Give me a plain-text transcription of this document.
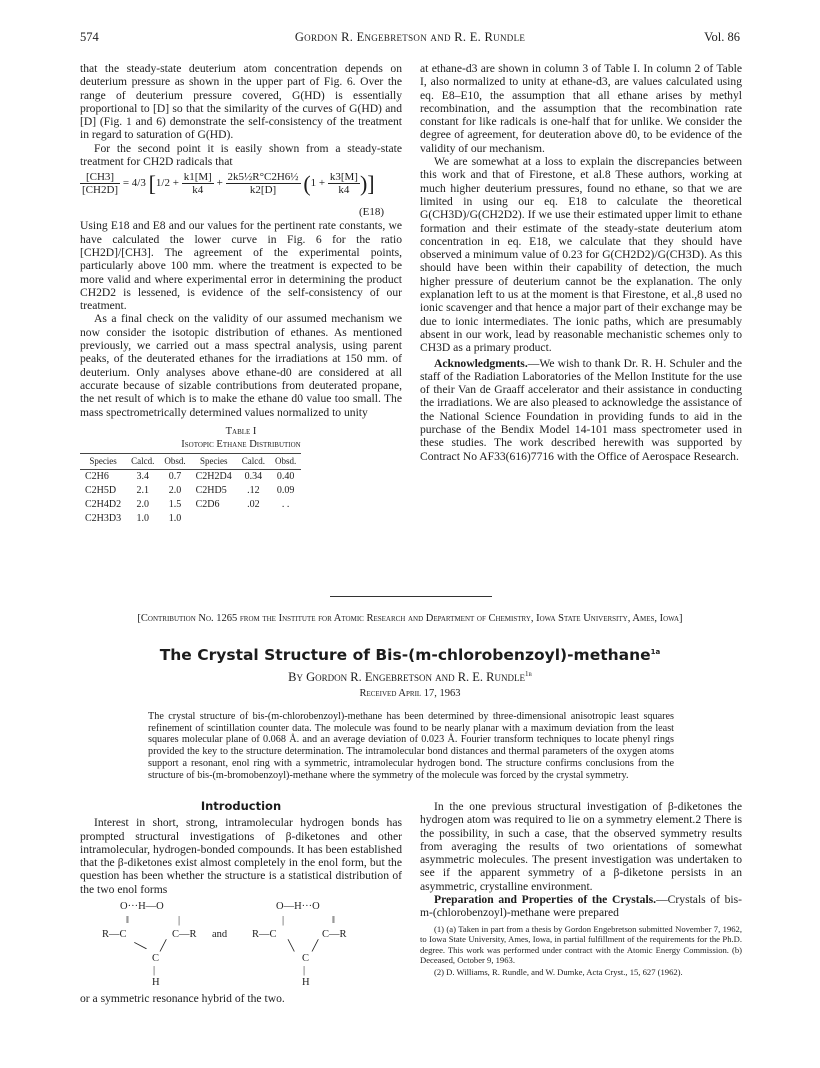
574	Gordon R. Engebretson and R. E. Rundle	Vol. 86

that the steady-state deuterium atom concentration depends on deuterium pressure as shown in the upper part of Fig. 6. Over the range of deuterium pressure covered, G(HD) is essentially proportional to [D] so that the similarity of the curves of G(HD) and [D] (Fig. 1 and 6) demonstrate the self-consistency of the treatment in regard to saturation of G(HD).

For the second point it is easily shown from a steady-state treatment for CH2D radicals that

$\frac{[CH3]}{[CH2D]} = 4/3$ [$1/2 + \frac{k1[M]}{k4} + \frac{\text{2k5½R°C2H6½}}{k2[D]} (1 + \frac{k3[M]}{k4}$ )]
(E18)

Using E18 and E8 and our values for the pertinent rate constants, we have calculated the lower curve in Fig. 6 for the ratio [CH2D]/[CH3]. The agreement of the experimental points, particularly above 100 mm. where the treatment is expected to be more valid and where experimental error in determining the product CH2D2 is lessened, is evidence of the self-consistency of our treatment.

As a final check on the validity of our assumed mechanism we now consider the isotopic distribution of ethanes. As mentioned previously, we carried out a mass spectral analysis, using parent peaks, of the deuterated ethanes for the irradiations at 150 mm. of deuterium. Only analyses above ethane-d0 are considered at all accurate because of sizable contributions from deuterated propane, the net result of which is to make the ethane d0 value too small. The mass spectrometrically determined values normalized to unity

Table I
Isotopic Ethane Distribution
Species	Calcd.	Obsd.	Species	Calcd.	Obsd.
C2H6	3.4	0.7	C2H2D4	0.34	0.40
C2H5D	2.1	2.0	C2HD5	.12	0.09
C2H4D2	2.0	1.5	C2D6	.02	. .
C2H3D3	1.0	1.0			

at ethane-d3 are shown in column 3 of Table I. In column 2 of Table I, also normalized to unity at ethane-d3, are values calculated using eq. E8–E10, the assumption that all ethane arises by methyl recombination, and the assumption that the recombination rate constant for like radicals is one-half that for unlike. We consider the degree of agreement, for deuteration above d0, to be evidence of the validity of our mechanism.

We are somewhat at a loss to explain the discrepancies between this work and that of Firestone, et al.8 These authors, working at much higher deuterium pressures, found no ethane, so that we are limited in using our eq. E18 to calculate the theoretical G(CH3D)/G(CH2D2). If we use their estimated upper limit to ethane formation and their estimate of the steady-state deuterium atom concentration in eq. E18, we calculate that they should have observed a minimum value of 0.23 for G(CH2D2)/G(CH3D). As this should have been within their capability of detection, the much higher pressure of deuterium cannot be the explanation. The only explanation left to us at the moment is that Firestone, et al.,8 used no ionic scavenger and that hence a major part of their exchange may be due to ionic intermediates. The ionic paths, which are presumably absent in our work, lead by reasonable mechanistic schemes only to CH3D as a primary product.

Acknowledgments.—We wish to thank Dr. R. H. Schuler and the staff of the Radiation Laboratories of the Mellon Institute for the use of their Van de Graaff accelerator and their assistance in conducting the irradiations. We are also pleased to acknowledge the assistance of the National Science Foundation in providing funds to aid in the purchase of the Bendix Model 14-101 mass spectrometer used in these studies. The work described herewith was supported by Contract No AF33(616)7716 with the Office of Aerospace Research.

[Contribution No. 1265 from the Institute for Atomic Research and Department of Chemistry, Iowa State University, Ames, Iowa]
The Crystal Structure of Bis-(m-chlorobenzoyl)-methane$^{1a}$
By Gordon R. Engebretson and R. E. Rundle$^{1b}$
Received April 17, 1963
The crystal structure of bis-(m-chlorobenzoyl)-methane has been determined by three-dimensional anisotropic least squares refinement of scintillation counter data. The molecule was found to be nearly planar with a maximum deviation from the least squares molecular plane of 0.068 Å. and an average deviation of 0.023 Å. Fourier transform techniques to locate phenyl rings provided the key to the structure determination. The intramolecular bond distances and thermal parameters of the oxygen atoms support a resonant, enol ring with a symmetric, intramolecular hydrogen bond. The structure confirms conclusions from the structure of bis-(m-bromobenzoyl)-methane where the symmetry of the molecule was forced by the crystal symmetry.
Introduction

Interest in short, strong, intramolecular hydrogen bonds has prompted structural investigations of β-diketones and other intramolecular, hydrogen-bonded compounds. It has been established that the β-diketones exist almost completely in the enol form, but the question has been whether the structure is a statistical distribution of the two enol forms

O···H—O
‖	|
R—C	C—R
╲ ╱
C
|
H
and
O—H···O
|	‖
R—C	C—R
╲ ╱
C
|
H

or a symmetric resonance hybrid of the two.

In the one previous structural investigation of β-diketones the hydrogen atom was required to lie on a symmetry element.2 There is the possibility, in such a case, that the observed symmetry results from averaging the results of two orientations of somewhat asymmetric molecules. The present investigation was undertaken to see if the apparent symmetry of a β-diketone persists in an asymmetric, crystalline environment.

Preparation and Properties of the Crystals.—Crystals of bis-m-(chlorobenzoyl)-methane were prepared

(1) (a) Taken in part from a thesis by Gordon Engebretson submitted November 7, 1962, to Iowa State University, Ames, Iowa, in partial fulfillment of the requirements for the Ph.D. degree. This work was performed under contract with the Atomic Energy Commission. (b) Deceased, October 9, 1963.

(2) D. Williams, R. Rundle, and W. Dumke, Acta Cryst., 15, 627 (1962).
